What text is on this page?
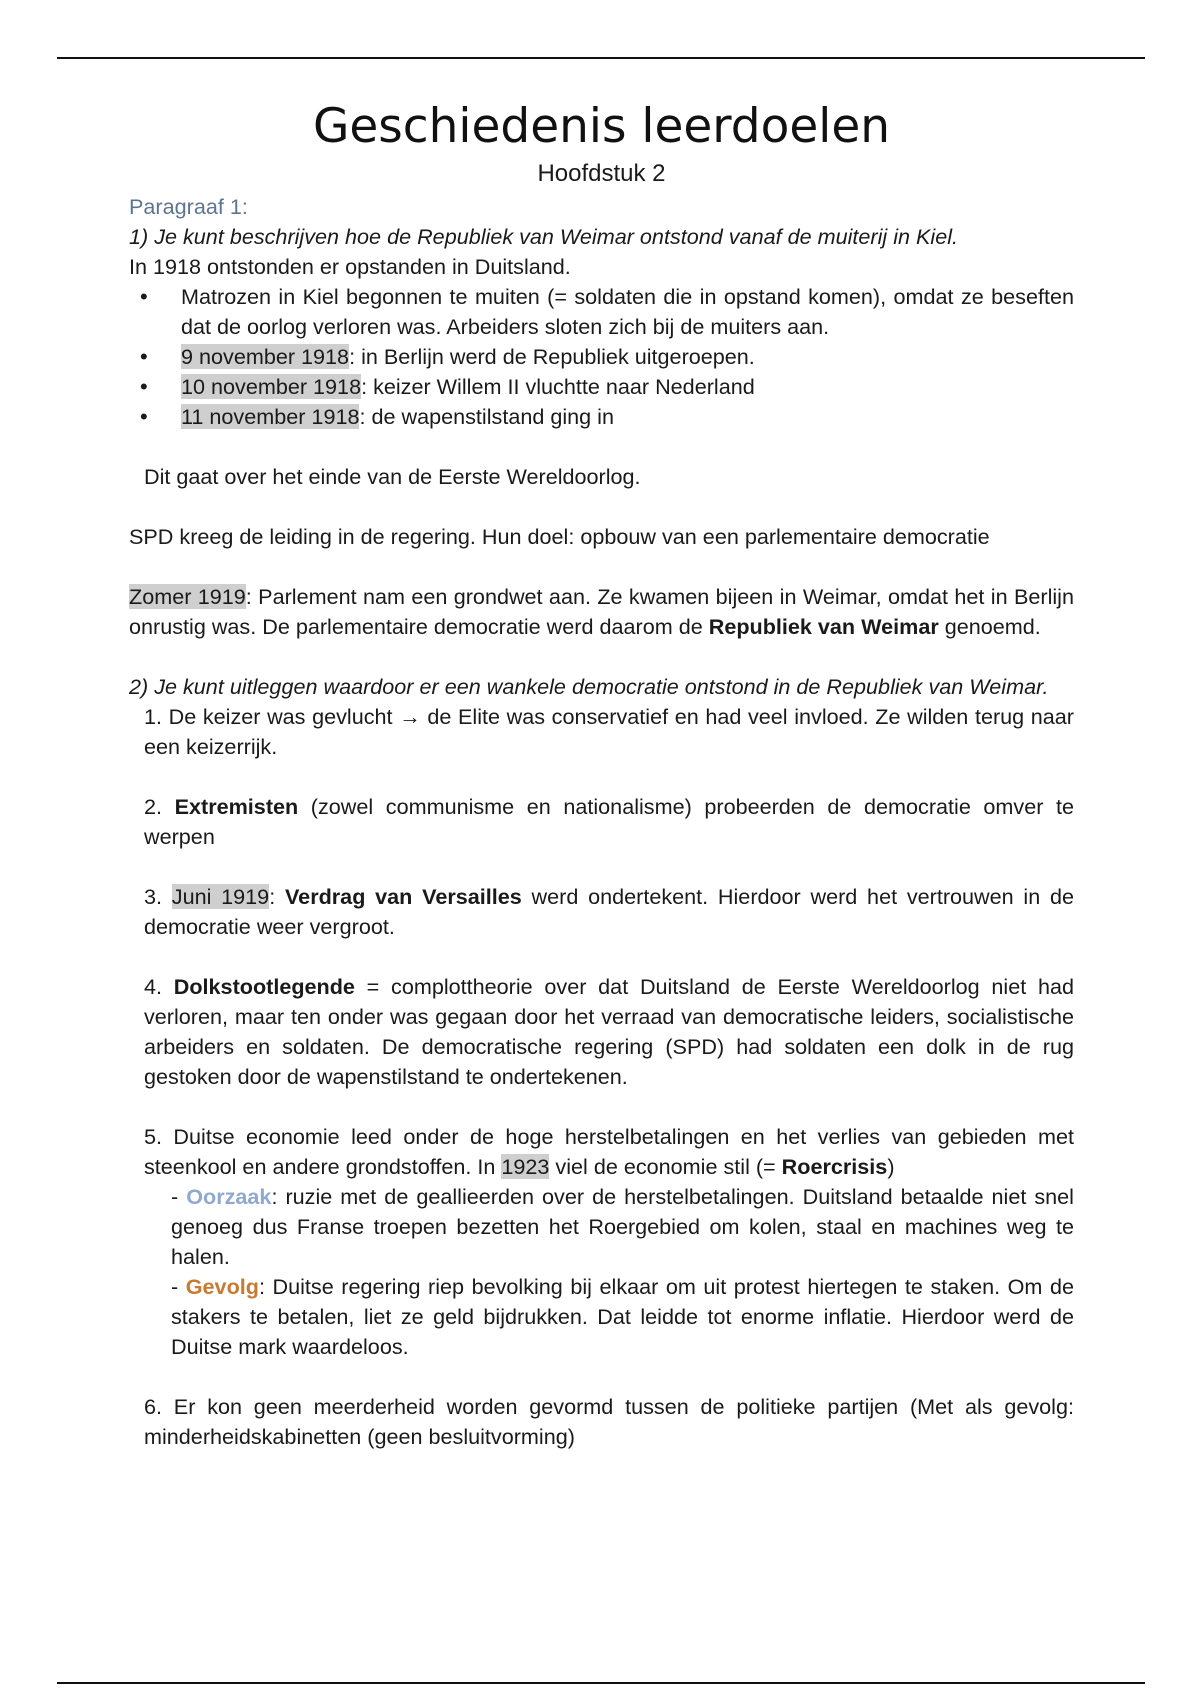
Geschiedenis leerdoelen
Hoofdstuk 2
Paragraaf 1:

1) Je kunt beschrijven hoe de Republiek van Weimar ontstond vanaf de muiterij in Kiel.

In 1918 ontstonden er opstanden in Duitsland.

• Matrozen in Kiel begonnen te muiten (= soldaten die in opstand komen), omdat ze beseften dat de oorlog verloren was. Arbeiders sloten zich bij de muiters aan.
• 9 november 1918: in Berlijn werd de Republiek uitgeroepen.
• 10 november 1918: keizer Willem II vluchtte naar Nederland
• 11 november 1918: de wapenstilstand ging in

Dit gaat over het einde van de Eerste Wereldoorlog.

SPD kreeg de leiding in de regering. Hun doel: opbouw van een parlementaire democratie

Zomer 1919: Parlement nam een grondwet aan. Ze kwamen bijeen in Weimar, omdat het in Berlijn onrustig was. De parlementaire democratie werd daarom de Republiek van Weimar genoemd.

2) Je kunt uitleggen waardoor er een wankele democratie ontstond in de Republiek van Weimar.

1. De keizer was gevlucht → de Elite was conservatief en had veel invloed. Ze wilden terug naar een keizerrijk.

2. Extremisten (zowel communisme en nationalisme) probeerden de democratie omver te werpen

3. Juni 1919: Verdrag van Versailles werd ondertekent. Hierdoor werd het vertrouwen in de democratie weer vergroot.

4. Dolkstootlegende = complottheorie over dat Duitsland de Eerste Wereldoorlog niet had verloren, maar ten onder was gegaan door het verraad van democratische leiders, socialistische arbeiders en soldaten. De democratische regering (SPD) had soldaten een dolk in de rug gestoken door de wapenstilstand te ondertekenen.

5. Duitse economie leed onder de hoge herstelbetalingen en het verlies van gebieden met steenkool en andere grondstoffen. In 1923 viel de economie stil (= Roercrisis)

- Oorzaak: ruzie met de geallieerden over de herstelbetalingen. Duitsland betaalde niet snel genoeg dus Franse troepen bezetten het Roergebied om kolen, staal en machines weg te halen.

- Gevolg: Duitse regering riep bevolking bij elkaar om uit protest hiertegen te staken. Om de stakers te betalen, liet ze geld bijdrukken. Dat leidde tot enorme inflatie. Hierdoor werd de Duitse mark waardeloos.

6. Er kon geen meerderheid worden gevormd tussen de politieke partijen (Met als gevolg: minderheidskabinetten (geen besluitvorming)
